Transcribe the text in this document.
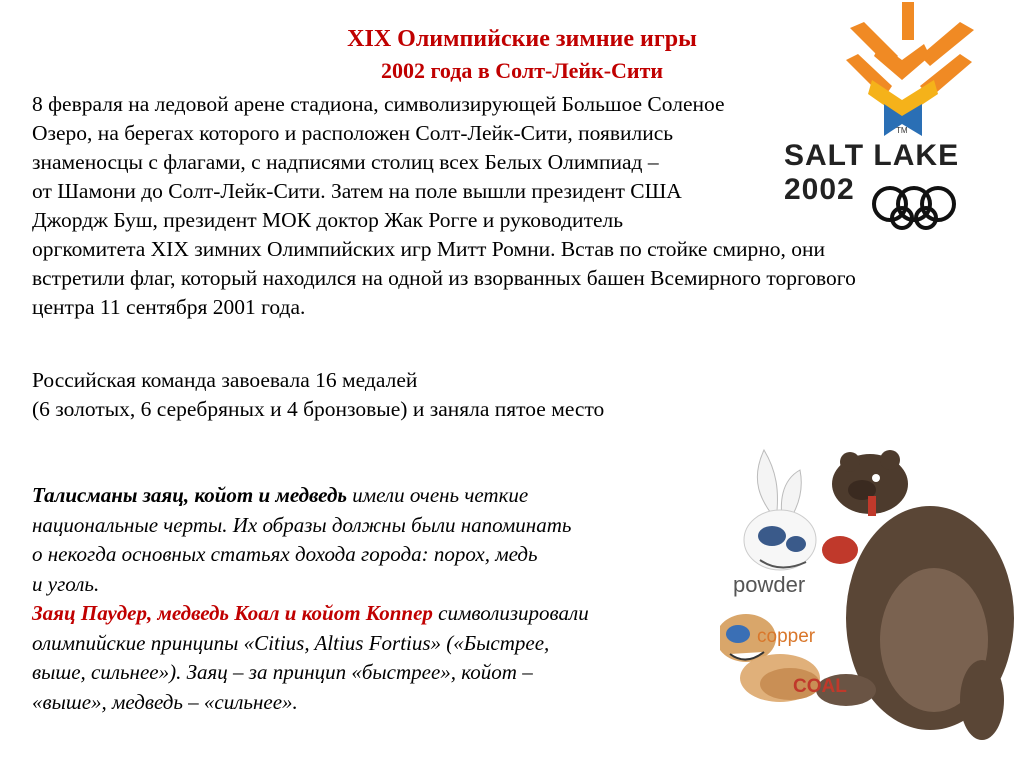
XIX Олимпийские зимние игры
2002 года в Солт-Лейк-Сити
8 февраля на ледовой арене стадиона, символизирующей Большое Соленое
Озеро, на берегах которого и расположен Солт-Лейк-Сити, появились
знаменосцы с флагами, с надписями столиц всех Белых Олимпиад –
от Шамони до Солт-Лейк-Сити. Затем на поле вышли президент США
Джордж Буш, президент МОК доктор Жак Рогге и руководитель
оргкомитета XIX зимних Олимпийских игр Митт Ромни. Встав по стойке смирно, они
встретили флаг, который находился на одной из взорванных башен Всемирного торгового
центра 11 сентября 2001 года.
Российская команда завоевала 16 медалей
(6 золотых, 6 серебряных и 4 бронзовые) и заняла пятое место
Талисманы заяц, койот и медведь имели очень четкие
национальные черты. Их образы должны были напоминать
о некогда основных статьях дохода города: порох, медь
и уголь.
Заяц Паудер, медведь Коал и койот Коппер символизировали
олимпийские принципы «Citius, Altius Fortius» («Быстрее,
выше, сильнее»). Заяц – за принцип «быстрее», койот –
«выше», медведь – «сильнее».
TM
SALT LAKE 2002
powder
copper
COAL
